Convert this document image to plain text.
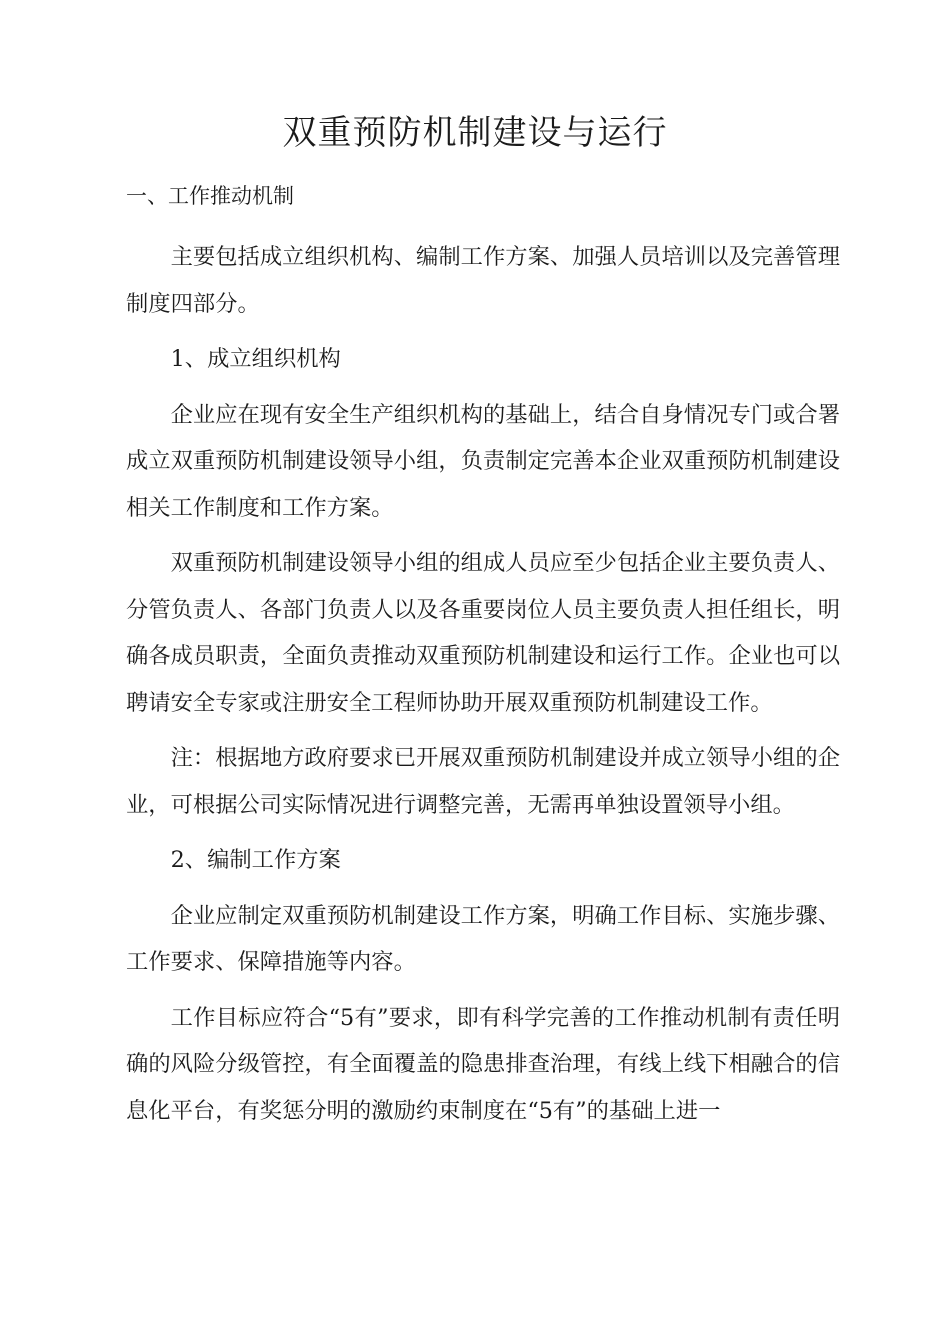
双重预防机制建设与运行
一、工作推动机制

主要包括成立组织机构、编制工作方案、加强人员培训以及完善管理制度四部分。

1、成立组织机构

企业应在现有安全生产组织机构的基础上，结合自身情况专门或合署成立双重预防机制建设领导小组，负责制定完善本企业双重预防机制建设相关工作制度和工作方案。

双重预防机制建设领导小组的组成人员应至少包括企业主要负责人、分管负责人、各部门负责人以及各重要岗位人员主要负责人担任组长，明确各成员职责，全面负责推动双重预防机制建设和运行工作。企业也可以聘请安全专家或注册安全工程师协助开展双重预防机制建设工作。

注：根据地方政府要求已开展双重预防机制建设并成立领导小组的企业，可根据公司实际情况进行调整完善，无需再单独设置领导小组。

2、编制工作方案

企业应制定双重预防机制建设工作方案，明确工作目标、实施步骤、工作要求、保障措施等内容。

工作目标应符合“5有”要求，即有科学完善的工作推动机制有责任明确的风险分级管控，有全面覆盖的隐患排查治理，有线上线下相融合的信息化平台，有奖惩分明的激励约束制度在“5有”的基础上进一
